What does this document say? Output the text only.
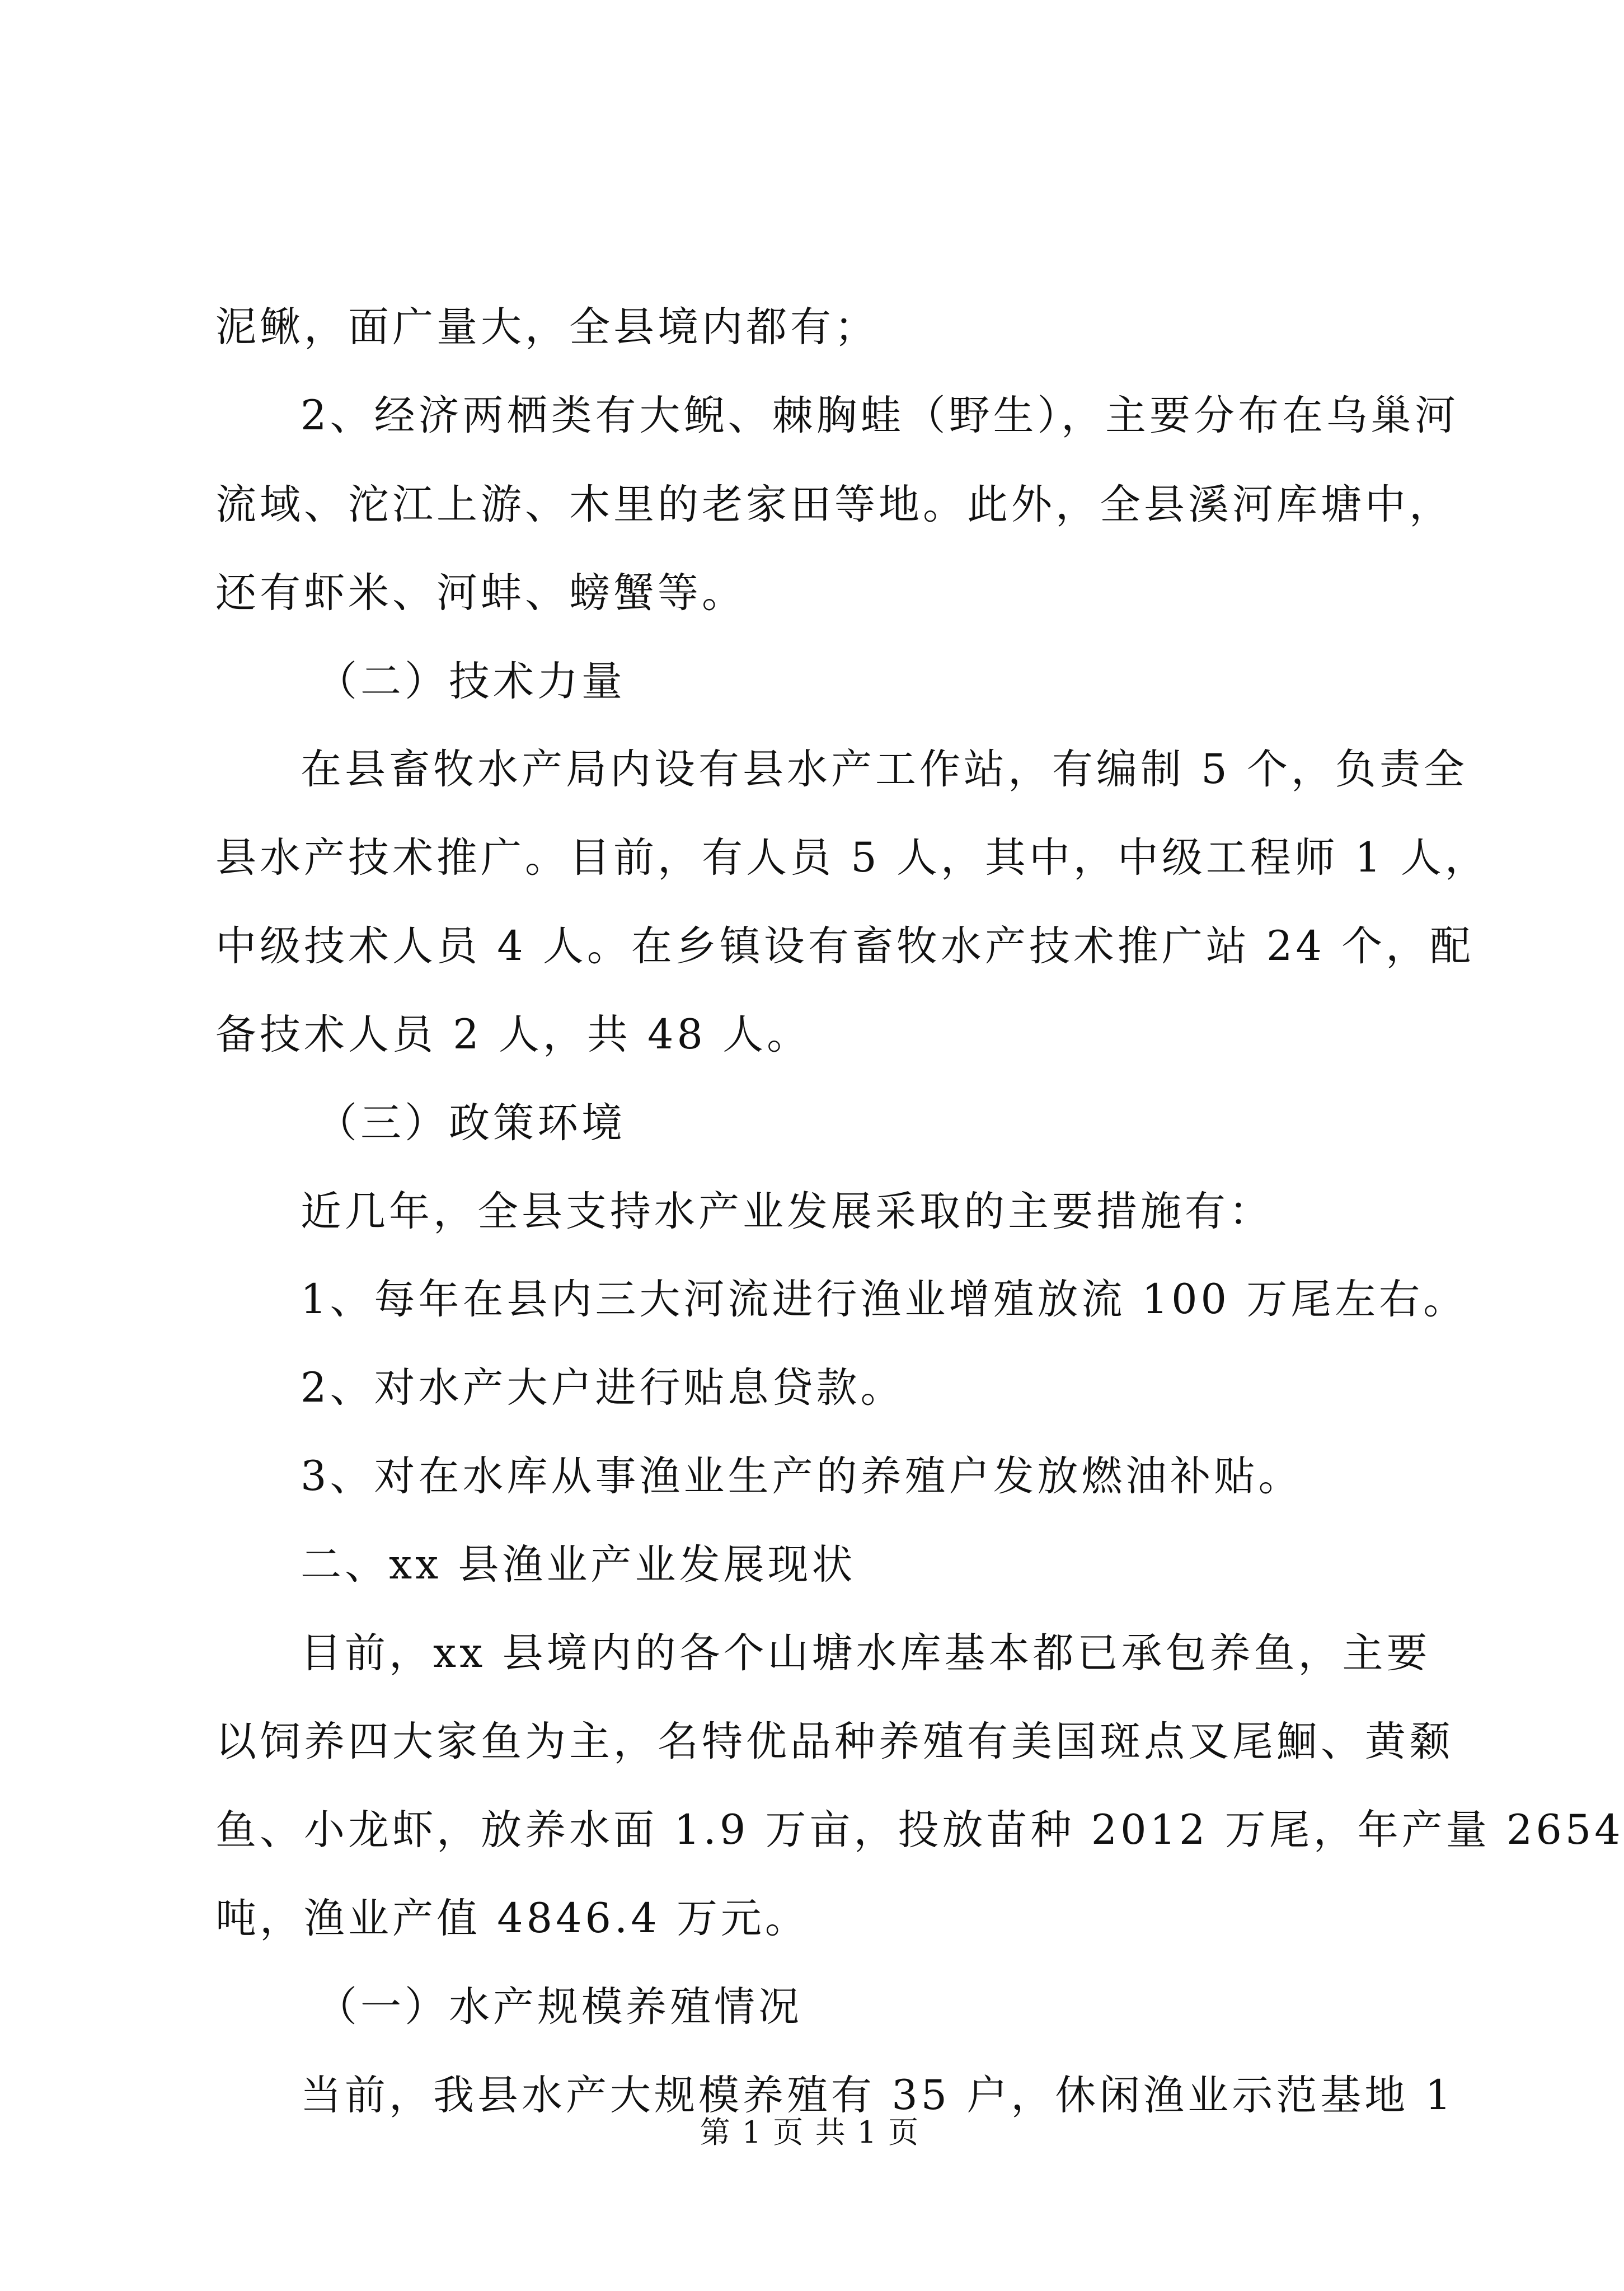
泥鳅，面广量大，全县境内都有；
2、经济两栖类有大鲵、棘胸蛙（野生），主要分布在乌巢河
流域、沱江上游、木里的老家田等地。此外，全县溪河库塘中，
还有虾米、河蚌、螃蟹等。
（二）技术力量
在县畜牧水产局内设有县水产工作站，有编制 5 个，负责全
县水产技术推广。目前，有人员 5 人，其中，中级工程师 1 人，
中级技术人员 4 人。在乡镇设有畜牧水产技术推广站 24 个，配
备技术人员 2 人，共 48 人。
（三）政策环境
近几年，全县支持水产业发展采取的主要措施有：
1、每年在县内三大河流进行渔业增殖放流 100 万尾左右。
2、对水产大户进行贴息贷款。
3、对在水库从事渔业生产的养殖户发放燃油补贴。
二、xx 县渔业产业发展现状
目前，xx 县境内的各个山塘水库基本都已承包养鱼，主要
以饲养四大家鱼为主，名特优品种养殖有美国斑点叉尾鮰、黄颡
鱼、小龙虾，放养水面 1.9 万亩，投放苗种 2012 万尾，年产量 2654
吨，渔业产值 4846.4 万元。
（一）水产规模养殖情况
当前，我县水产大规模养殖有 35 户，休闲渔业示范基地 1
第 1 页 共 1 页
